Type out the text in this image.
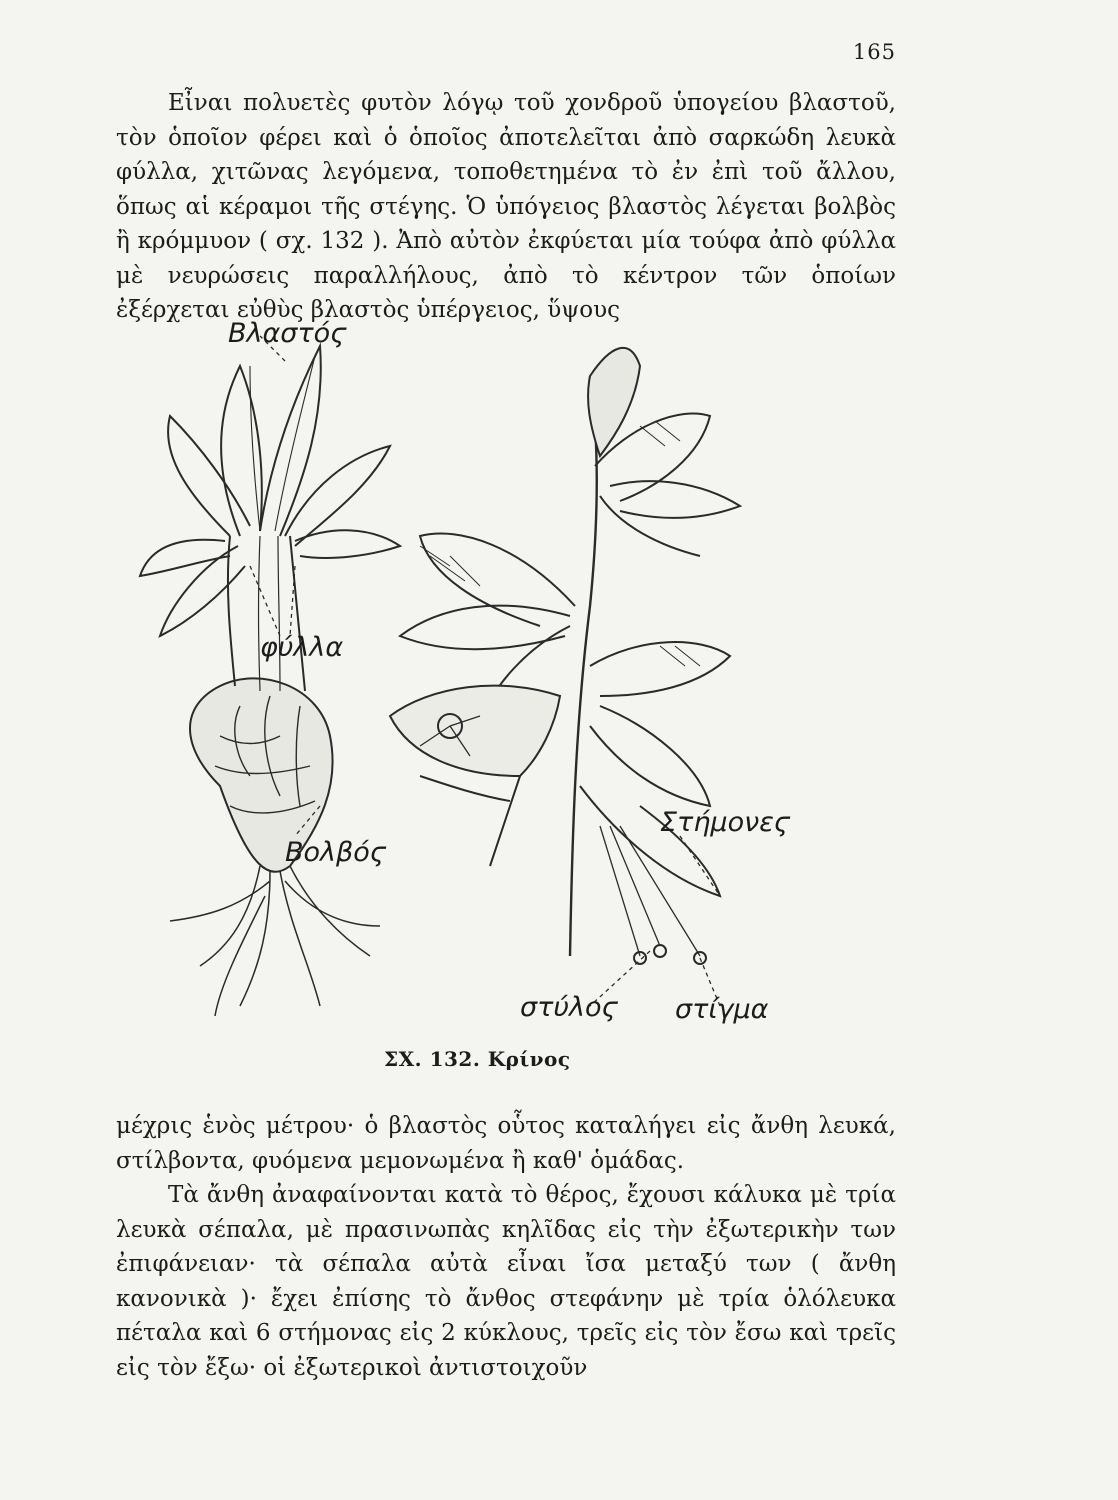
165

Εἶναι πολυετὲς φυτὸν λόγῳ τοῦ χονδροῦ ὑπογείου βλαστοῦ, τὸν ὁποῖον φέρει καὶ ὁ ὁποῖος ἀποτελεῖται ἀπὸ σαρκώδη λευκὰ φύλλα, χιτῶνας λεγόμενα, τοποθετημένα τὸ ἐν ἐπὶ τοῦ ἄλλου, ὅπως αἱ κέραμοι τῆς στέγης. Ὁ ὑπόγειος βλαστὸς λέγεται βολβὸς ἢ κρόμμυον ( σχ. 132 ). Ἀπὸ αὐτὸν ἐκφύεται μία τούφα ἀπὸ φύλλα μὲ νευρώσεις παραλλήλους, ἀπὸ τὸ κέντρον τῶν ὁποίων ἐξέρχεται εὐθὺς βλαστὸς ὑπέργειος, ὕψους

Βλαστόϛ
φύλλα
Βολβόϛ
Στήμονεϛ
στύλοϛ στίγμα
ΣΧ. 132. Κρίνος

μέχρις ἑνὸς μέτρου· ὁ βλαστὸς οὗτος καταλήγει εἰς ἄνθη λευκά, στίλβοντα, φυόμενα μεμονωμένα ἢ καθ' ὁμάδας.

Τὰ ἄνθη ἀναφαίνονται κατὰ τὸ θέρος, ἔχουσι κάλυκα μὲ τρία λευκὰ σέπαλα, μὲ πρασινωπὰς κηλῖδας εἰς τὴν ἐξωτερικὴν των ἐπιφάνειαν· τὰ σέπαλα αὐτὰ εἶναι ἴσα μεταξύ των ( ἄνθη κανονικὰ )· ἔχει ἐπίσης τὸ ἄνθος στεφάνην μὲ τρία ὁλόλευκα πέταλα καὶ 6 στήμονας εἰς 2 κύκλους, τρεῖς εἰς τὸν ἔσω καὶ τρεῖς εἰς τὸν ἔξω· οἱ ἐξωτερικοὶ ἀντιστοιχοῦν
